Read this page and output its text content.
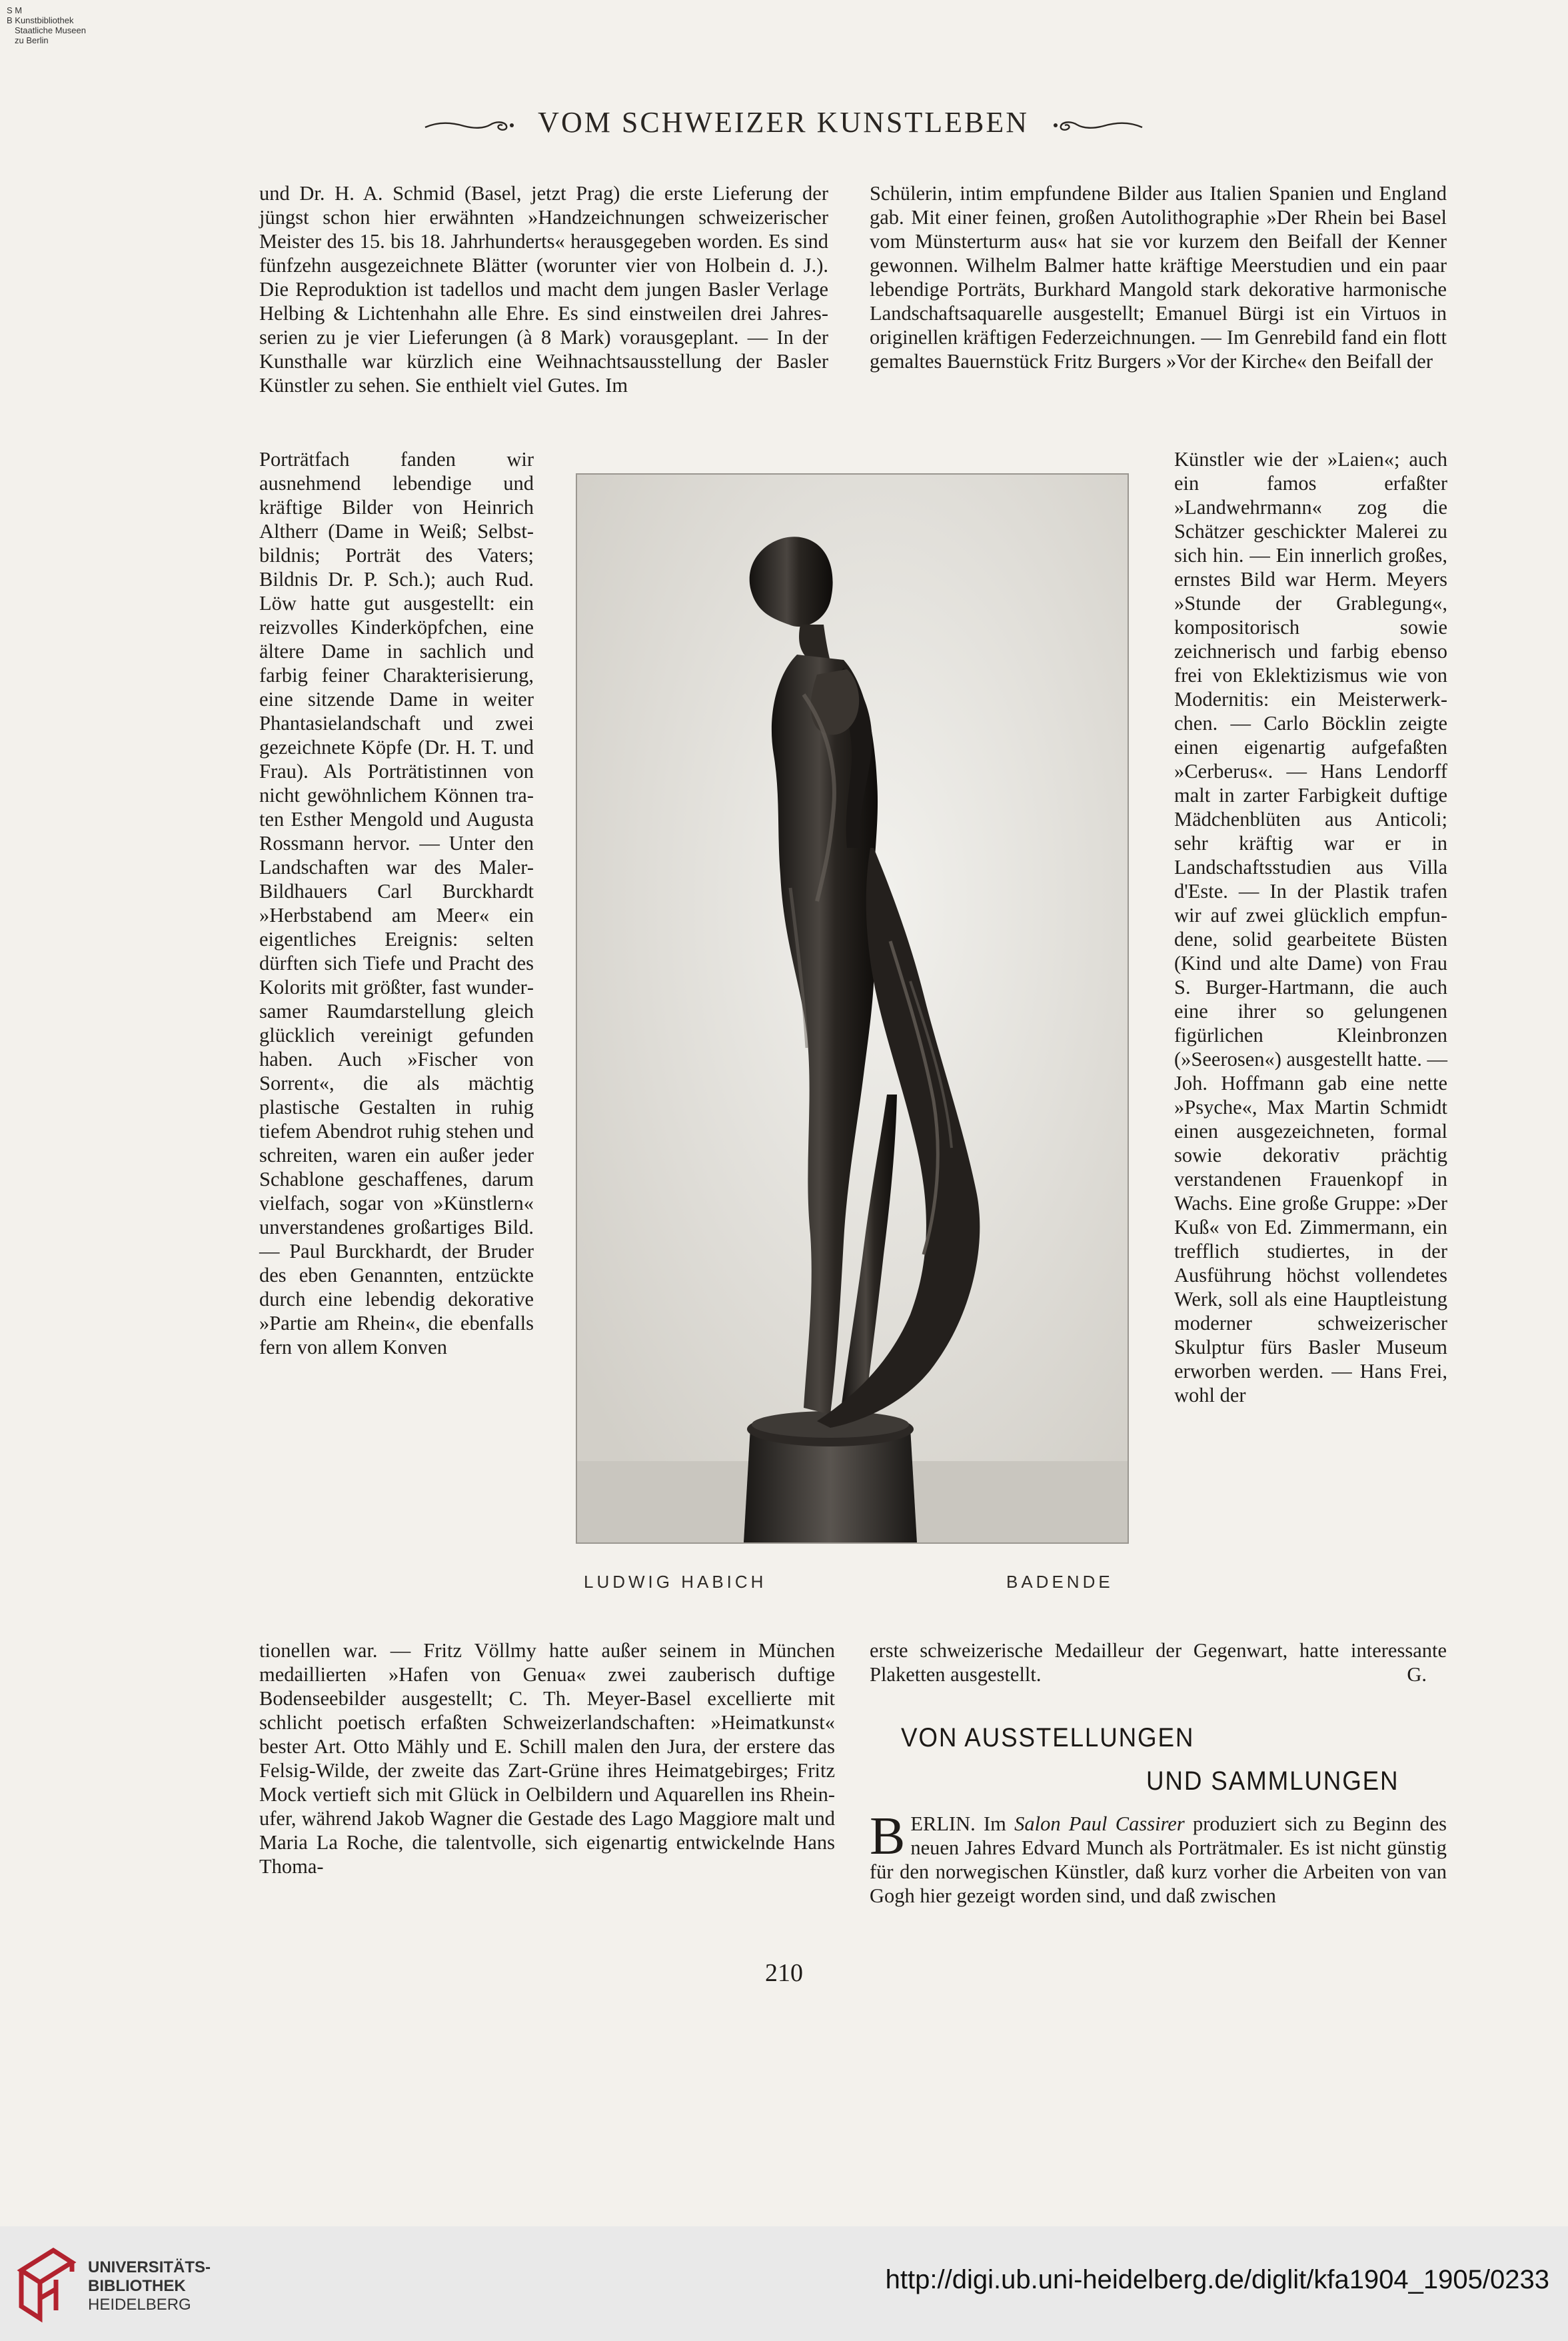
S M
B Kunstbibliothek
Staatliche Museen
zu Berlin
VOM SCHWEIZER KUNSTLEBEN

und Dr. H. A. Schmid (Basel, jetzt Prag) die erste Lieferung der jüngst schon hier erwähnten »Handzeichnungen schweizerischer Meister des 15. bis 18. Jahrhunderts« herausgegeben worden. Es sind fünfzehn ausgezeichnete Blätter (worunter vier von Holbein d. J.). Die Reproduktion ist tadellos und macht dem jungen Basler Verlage Helbing & Lichtenhahn alle Ehre. Es sind einstweilen drei Jahresserien zu je vier Lieferungen (à 8 Mark) vorausgeplant. — In der Kunsthalle war kürzlich eine Weihnachtsausstellung der Basler Künstler zu sehen. Sie enthielt viel Gutes. Im

Porträtfach fanden wir ausnehmend lebendige und kräftige Bilder von Heinrich Altherr (Dame in Weiß; Selbstbildnis; Porträt des Vaters; Bildnis Dr. P. Sch.); auch Rud. Löw hatte gut ausgestellt: ein reizvolles Kinderköpfchen, eine ältere Dame in sachlich und farbig feiner Charakterisierung, eine sitzende Dame in weiter Phantasielandschaft und zwei gezeichnete Köpfe (Dr. H. T. und Frau). Als Porträtistinnen von nicht gewöhnlichem Können traten Esther Mengold und Augusta Rossmann hervor. — Unter den Landschaften war des Maler-Bildhauers Carl Burckhardt »Herbstabend am Meer« ein eigentliches Ereignis: selten dürften sich Tiefe und Pracht des Kolorits mit größter, fast wundersamer Raumdarstellung gleich glücklich vereinigt gefunden haben. Auch »Fischer von Sorrent«, die als mächtig plastische Gestalten in ruhig tiefem Abendrot ruhig stehen und schreiten, waren ein außer jeder Schablone geschaffenes, darum vielfach, sogar von »Künstlern« unverstandenes großartiges Bild. — Paul Burckhardt, der Bruder des eben Genannten, entzückte durch eine lebendig dekorative »Partie am Rhein«, die ebenfalls fern von allem Konven

tionellen war. — Fritz Völlmy hatte außer seinem in München medaillierten »Hafen von Genua« zwei zauberisch duftige Bodenseebilder ausgestellt; C. Th. Meyer-Basel excellierte mit schlicht poetisch erfaßten Schweizerlandschaften: »Heimatkunst« bester Art. Otto Mähly und E. Schill malen den Jura, der erstere das Felsig-Wilde, der zweite das Zart-Grüne ihres Heimatgebirges; Fritz Mock vertieft sich mit Glück in Oelbildern und Aquarellen ins Rheinufer, während Jakob Wagner die Gestade des Lago Maggiore malt und Maria La Roche, die talentvolle, sich eigenartig entwickelnde Hans Thoma-

Schülerin, intim empfundene Bilder aus Italien Spanien und England gab. Mit einer feinen, großen Autolithographie »Der Rhein bei Basel vom Münsterturm aus« hat sie vor kurzem den Beifall der Kenner gewonnen. Wilhelm Balmer hatte kräftige Meerstudien und ein paar lebendige Porträts, Burkhard Mangold stark dekorative harmonische Landschaftsaquarelle ausgestellt; Emanuel Bürgi ist ein Virtuos in originellen kräftigen Federzeichnungen. — Im Genrebild fand ein flott gemaltes Bauernstück Fritz Burgers »Vor der Kirche« den Beifall der

Künstler wie der »Laien«; auch ein famos erfaßter »Landwehrmann« zog die Schätzer geschickter Malerei zu sich hin. — Ein innerlich großes, ernstes Bild war Herm. Meyers »Stunde der Grablegung«, kompositorisch sowie zeichnerisch und farbig ebenso frei von Eklektizismus wie von Modernitis: ein Meisterwerkchen. — Carlo Böcklin zeigte einen eigenartig aufgefaßten »Cerberus«. — Hans Lendorff malt in zarter Farbigkeit duftige Mädchenblüten aus Anticoli; sehr kräftig war er in Landschaftsstudien aus Villa d'Este. — In der Plastik trafen wir auf zwei glücklich empfundene, solid gearbeitete Büsten (Kind und alte Dame) von Frau S. Burger-Hartmann, die auch eine ihrer so gelungenen figürlichen Kleinbronzen (»Seerosen«) ausgestellt hatte. — Joh. Hoffmann gab eine nette »Psyche«, Max Martin Schmidt einen ausgezeichneten, formal sowie dekorativ prächtig verstandenen Frauenkopf in Wachs. Eine große Gruppe: »Der Kuß« von Ed. Zimmermann, ein trefflich studiertes, in der Ausführung höchst vollendetes Werk, soll als eine Hauptleistung moderner schweizerischer Skulptur fürs Basler Museum erworben werden. — Hans Frei, wohl der

erste schweizerische Medailleur der Gegenwart, hatte interessante Plaketten ausgestellt.	G.

LUDWIG HABICH	BADENDE
VON AUSSTELLUNGEN
UND SAMMLUNGEN

BERLIN. Im Salon Paul Cassirer produziert sich zu Beginn des neuen Jahres Edvard Munch als Porträtmaler. Es ist nicht günstig für den norwegischen Künstler, daß kurz vorher die Arbeiten von van Gogh hier gezeigt worden sind, und daß zwischen

210
UNIVERSITÄTS-
BIBLIOTHEK
HEIDELBERG
http://digi.ub.uni-heidelberg.de/diglit/kfa1904_1905/0233
